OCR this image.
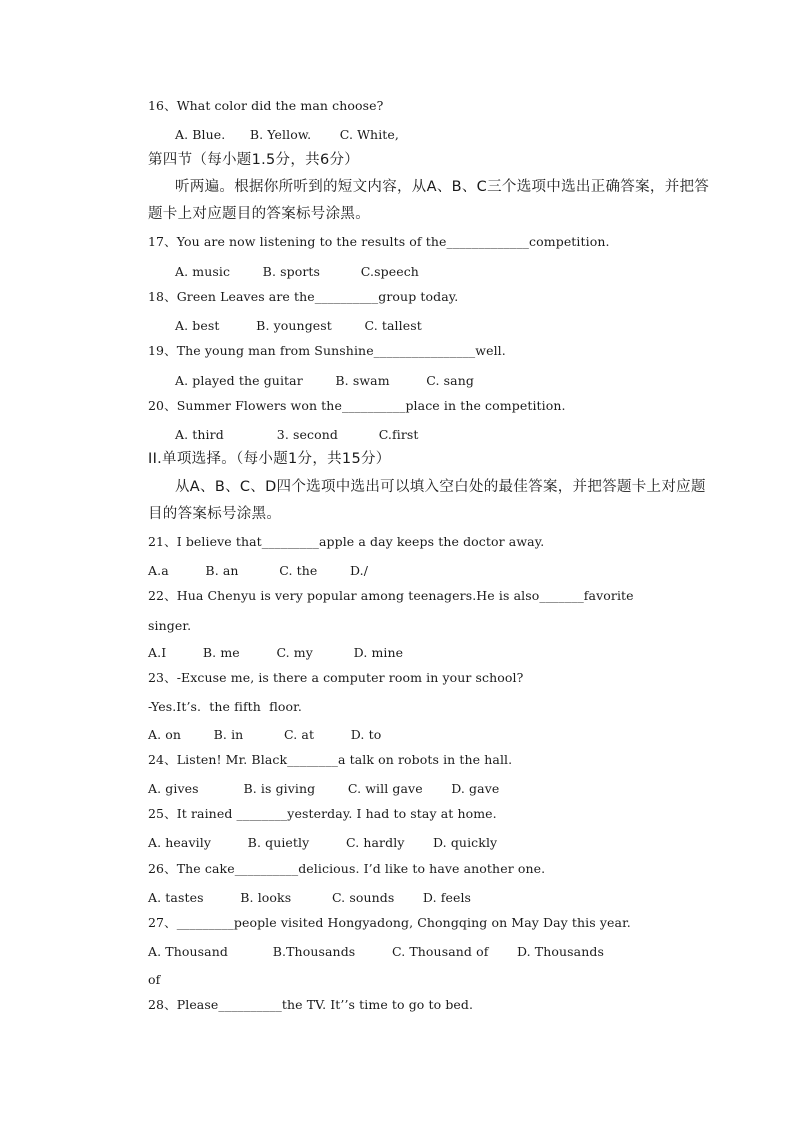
16、What color did the man choose?
A. Blue.      B. Yellow.       C. White,
第四节（每小题1.5分，共6分）
听两遍。根据你所听到的短文内容，从A、B、C三个选项中选出正确答案，并把答
题卡上对应题目的答案标号涂黑。
17、You are now listening to the results of the_____________competition.
A. music        B. sports          C.speech
18、Green Leaves are the__________group today.
A. best         B. youngest        C. tallest
19、The young man from Sunshine________________well.
A. played the guitar        B. swam         C. sang
20、Summer Flowers won the__________place in the competition.
A. third             3. second          C.first
II.单项选择。（每小题1分，共15分）
从A、B、C、D四个选项中选出可以填入空白处的最佳答案，并把答题卡上对应题
目的答案标号涂黑。
21、I believe that_________apple a day keeps the doctor away.
A.a         B. an          C. the        D./
22、Hua Chenyu is very popular among teenagers.He is also_______favorite
singer.
A.I         B. me         C. my          D. mine
23、-Excuse me, is there a computer room in your school?
-Yes.It’s.  the fifth  floor.
A. on        B. in          C. at         D. to
24、Listen! Mr. Black________a talk on robots in the hall.
A. gives           B. is giving        C. will gave       D. gave
25、It rained ________yesterday. I had to stay at home.
A. heavily         B. quietly         C. hardly       D. quickly
26、The cake__________delicious. I’d like to have another one.
A. tastes         B. looks          C. sounds       D. feels
27、_________people visited Hongyadong, Chongqing on May Day this year.
A. Thousand           B.Thousands         C. Thousand of       D. Thousands
of
28、Please__________the TV. It’’s time to go to bed.
